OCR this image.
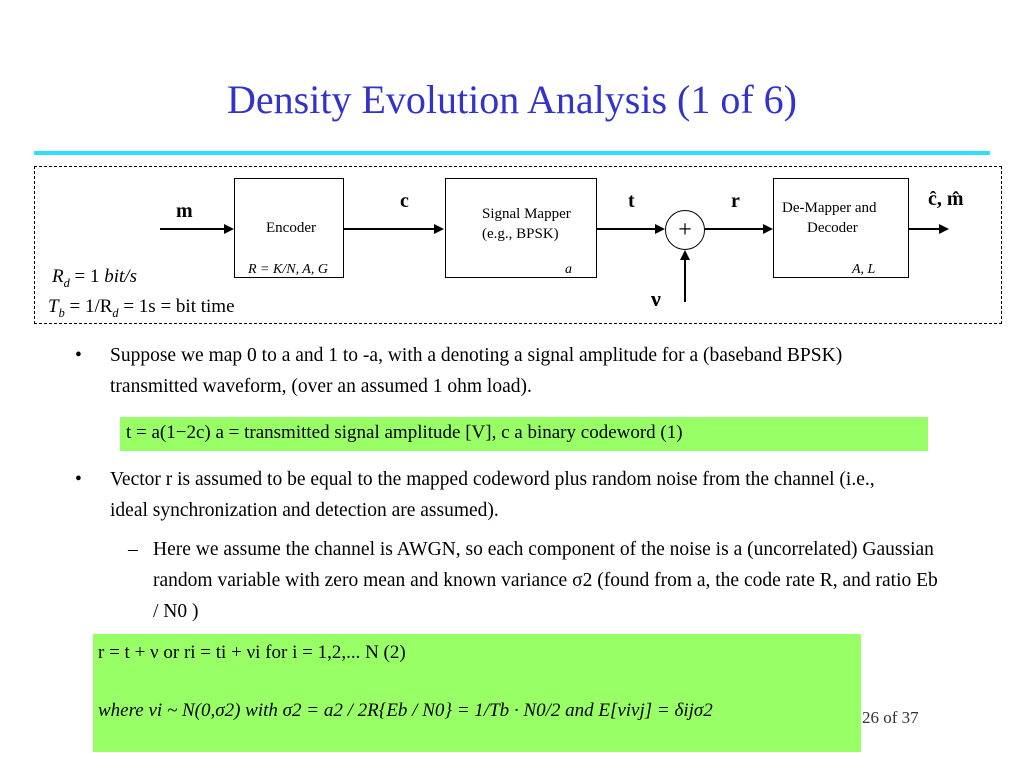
Density Evolution Analysis (1 of 6)
m
Encoder
R = K/N, A, G
c
Signal Mapper
(e.g., BPSK)
a
t
+
ν
r	De-Mapper and
Decoder
A, L
ĉ, m̂
$R_d = 1$ bit/s
$T_b = 1/R_d = 1s$ = bit time
• Suppose we map 0 to a and 1 to -a, with a denoting a signal amplitude for a (baseband BPSK) transmitted waveform, (over an assumed 1 ohm load).
t = a(1−2c) a = transmitted signal amplitude [V], c a binary codeword (1)
• Vector r is assumed to be equal to the mapped codeword plus random noise from the channel (i.e., ideal synchronization and detection are assumed).
– Here we assume the channel is AWGN, so each component of the noise is a (uncorrelated) Gaussian random variable with zero mean and known variance σ2 (found from a, the code rate R, and ratio Eb / N0 )
r = t + ν or ri = ti + νi for i = 1,2,... N (2)
where νi ~ N(0,σ2) with σ2 = a2 / 2R{Eb / N0} = 1/Tb · N0/2 and E[νiνj] = δijσ2	26 of 37
